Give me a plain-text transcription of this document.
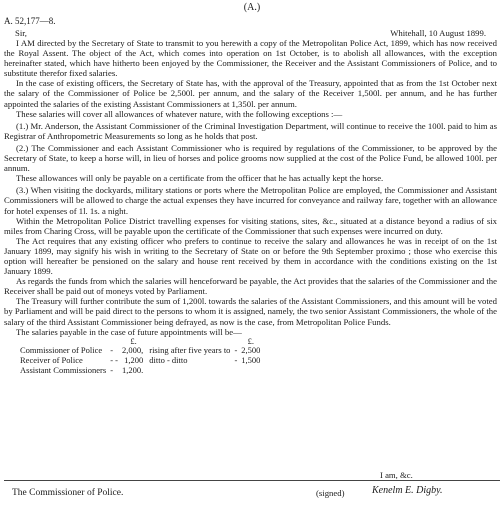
(A.)
A. 52,177—8.
Sir,	Whitehall, 10 August 1899.

I AM directed by the Secretary of State to transmit to you herewith a copy of the Metropolitan Police Act, 1899, which has now received the Royal Assent. The object of the Act, which comes into operation on 1st October, is to abolish all allowances, with the exception hereinafter stated, which have hitherto been enjoyed by the Commissioner, the Receiver and the Assistant Commissioners of Police, and to substitute therefor fixed salaries.

In the case of existing officers, the Secretary of State has, with the approval of the Treasury, appointed that as from the 1st October next the salary of the Commissioner of Police be 2,500l. per annum, and the salary of the Receiver 1,500l. per annum, and he has further appointed the salaries of the existing Assistant Commissioners at 1,350l. per annum.

These salaries will cover all allowances of whatever nature, with the following exceptions :—

(1.) Mr. Anderson, the Assistant Commissioner of the Criminal Investigation Department, will continue to receive the 100l. paid to him as Registrar of Anthropometric Measurements so long as he holds that post.

(2.) The Commissioner and each Assistant Commissioner who is required by regulations of the Commissioner, to be approved by the Secretary of State, to keep a horse will, in lieu of horses and police grooms now supplied at the cost of the Police Fund, be allowed 100l. per annum.

These allowances will only be payable on a certificate from the officer that he has actually kept the horse.

(3.) When visiting the dockyards, military stations or ports where the Metropolitan Police are employed, the Commissioner and Assistant Commissioners will be allowed to charge the actual expenses they have incurred for conveyance and railway fare, together with an allowance for hotel expenses of 1l. 1s. a night.

Within the Metropolitan Police District travelling expenses for visiting stations, sites, &c., situated at a distance beyond a radius of six miles from Charing Cross, will be payable upon the certificate of the Commissioner that such expenses were incurred on duty.

The Act requires that any existing officer who prefers to continue to receive the salary and allowances he was in receipt of on the 1st January 1899, may signify his wish in writing to the Secretary of State on or before the 9th September proximo ; those who exercise this option will hereafter be pensioned on the salary and house rent received by them in accordance with the conditions existing on the 1st January 1899.

As regards the funds from which the salaries will henceforward be payable, the Act provides that the salaries of the Commissioner and the Receiver shall be paid out of moneys voted by Parliament.

The Treasury will further contribute the sum of 1,200l. towards the salaries of the Assistant Commissioners, and this amount will be voted by Parliament and will be paid direct to the persons to whom it is assigned, namely, the two senior Assistant Commissioners, the whole of the salary of the third Assistant Commissioner being defrayed, as now is the case, from Metropolitan Police Funds.

The salaries payable in the case of future appointments will be—

		£.			£.
Commissioner of Police	-	2,000,	rising after five years to	-	2,500
Receiver of Police	- -	1,200	ditto - ditto	-	1,500
Assistant Commissioners	-	1,200.			
I am, &c.
The Commissioner of Police.	(signed)	Kenelm E. Digby.
